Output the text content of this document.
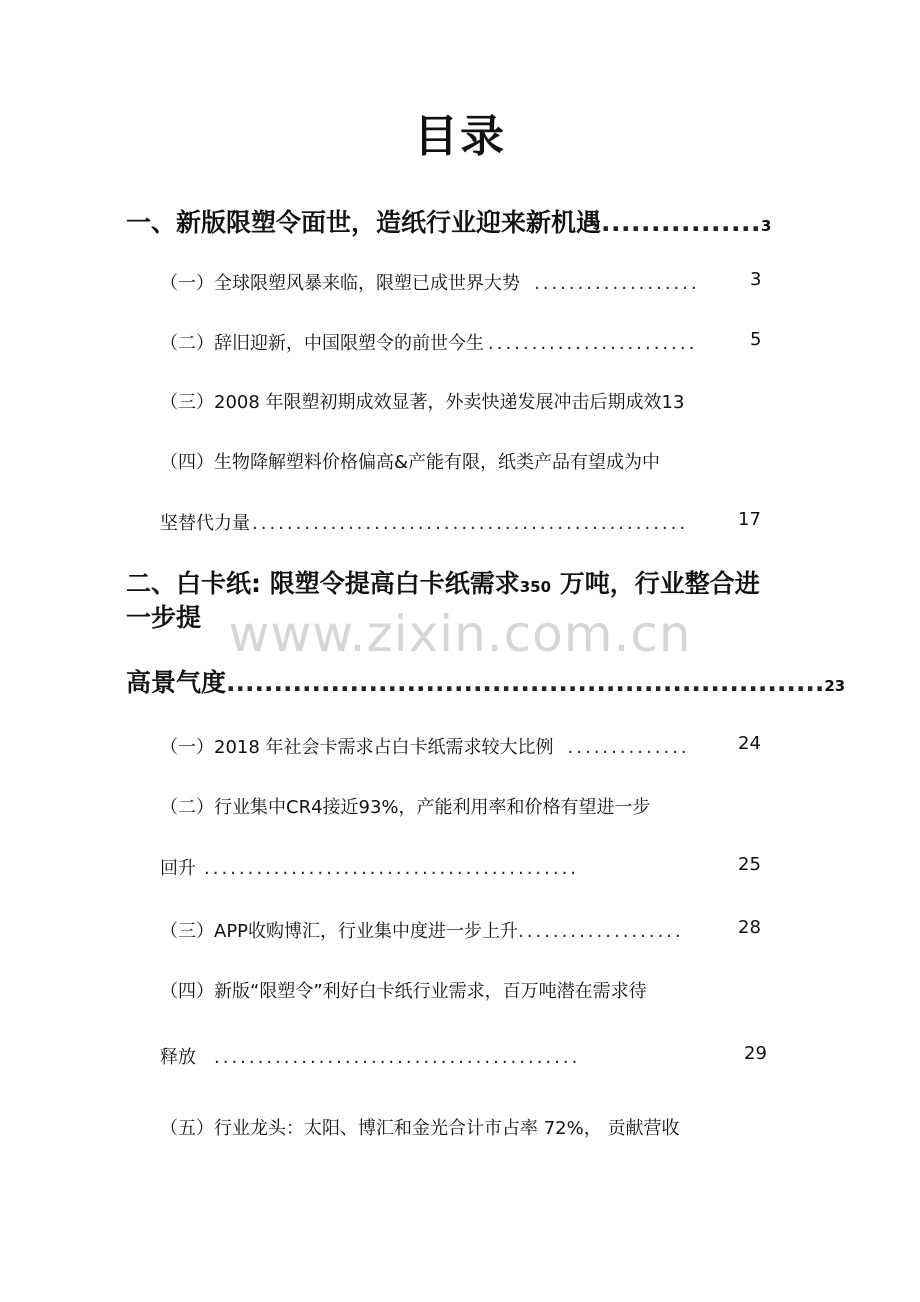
www.zixin.com.cn
目录
一、新版限塑令面世，造纸行业迎来新机遇................3
（一）全球限塑风暴来临，限塑已成世界大势 ...................	3
（二）辞旧迎新，中国限塑令的前世今生 ........................	5
（三）2008 年限塑初期成效显著，外卖快递发展冲击后期成效13
（四）生物降解塑料价格偏高&产能有限，纸类产品有望成为中
坚替代力量 ..................................................	17
二、白卡纸: 限塑令提高白卡纸需求350 万吨，行业整合进
一步提
高景气度...............................................................23
（一）2018 年社会卡需求占白卡纸需求较大比例 ..............	24
（二）行业集中CR4接近93%，产能利用率和价格有望进一步
回升 ...........................................	25
（三）APP收购博汇，行业集中度进一步上升...................	28
（四）新版“限塑令”利好白卡纸行业需求，百万吨潜在需求待
释放 ..........................................	29
（五）行业龙头：太阳、博汇和金光合计市占率 72%， 贡献营收
